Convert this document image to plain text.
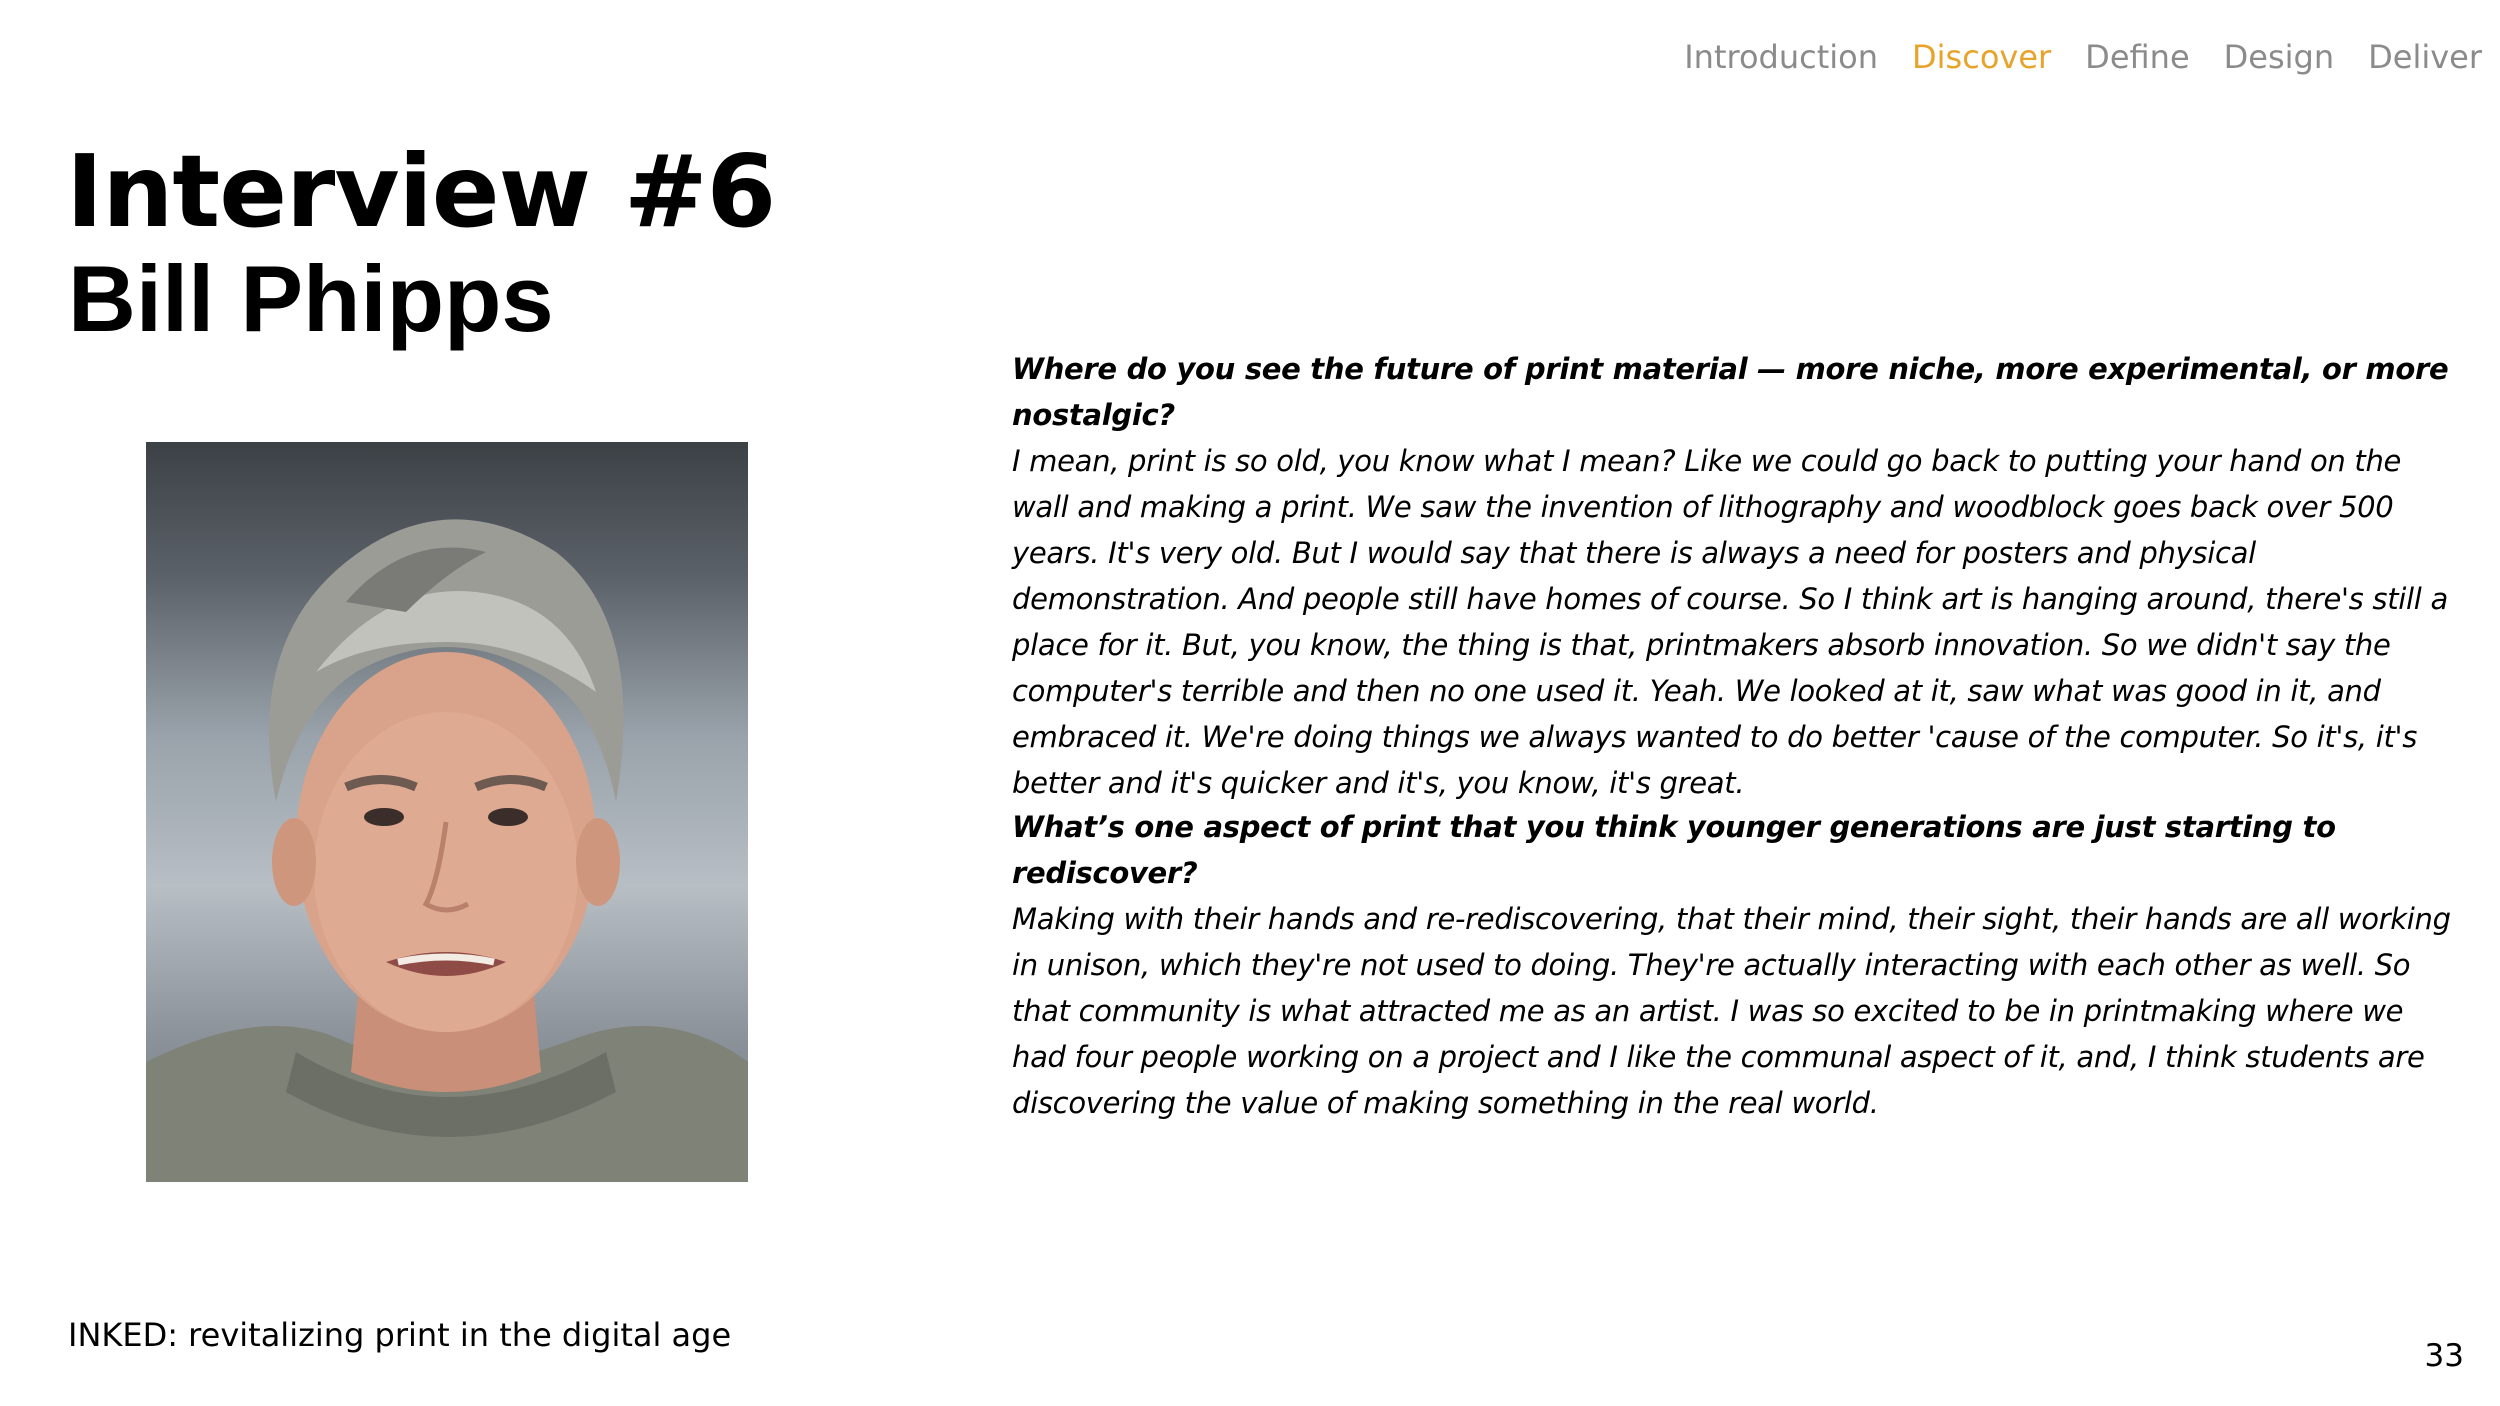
Introduction Discover Define Design Deliver
Interview #6
Bill Phipps

Where do you see the future of print material — more niche, more experimental, or more nostalgic?

I mean, print is so old, you know what I mean? Like we could go back to putting your hand on the wall and making a print. We saw the invention of lithography and woodblock goes back over 500 years. It's very old. But I would say that there is always a need for posters and physical demonstration. And people still have homes of course. So I think art is hanging around, there's still a place for it. But, you know, the thing is that, printmakers absorb innovation. So we didn't say the computer's terrible and then no one used it. Yeah. We looked at it, saw what was good in it, and embraced it. We're doing things we always wanted to do better 'cause of the computer. So it's, it's better and it's quicker and it's, you know, it's great.

What’s one aspect of print that you think younger generations are just starting to rediscover?

Making with their hands and re-rediscovering, that their mind, their sight, their hands are all working in unison, which they're not used to doing. They're actually interacting with each other as well. So that community is what attracted me as an artist. I was so excited to be in printmaking where we had four people working on a project and I like the communal aspect of it, and, I think students are discovering the value of making something in the real world.

INKED: revitalizing print in the digital age
33
